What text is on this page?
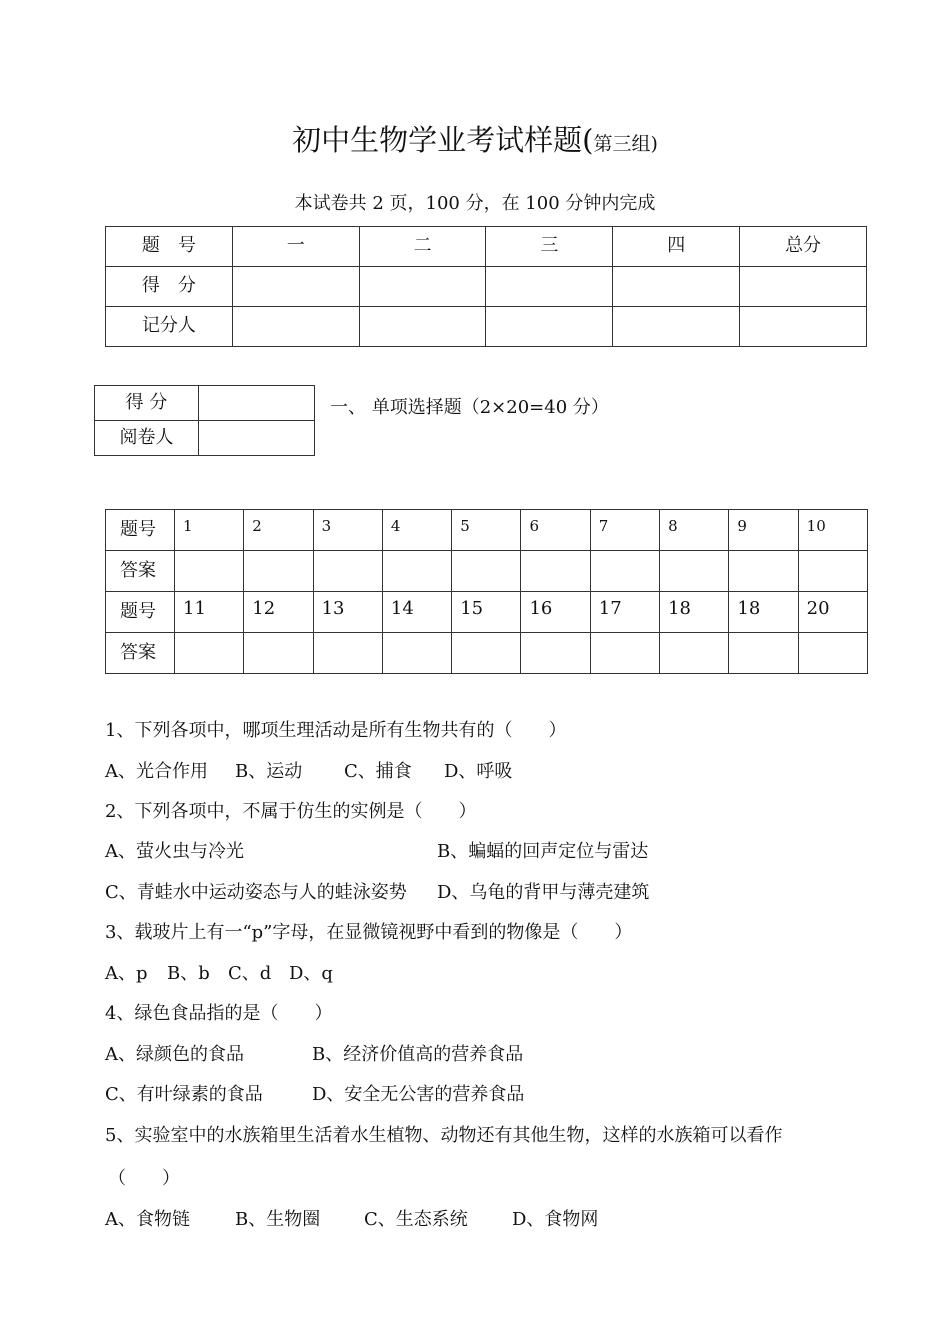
初中生物学业考试样题(第三组)
本试卷共 2 页，100 分，在 100 分钟内完成
题　号	一	二	三	四	总分
得　分					
记分人					
得 分	
阅卷人	
一、 单项选择题（2×20=40 分）
题号	1	2	3	4	5	6	7	8	9	10
答案										
题号	11	12	13	14	15	16	17	18	18	20
答案										
1、下列各项中，哪项生理活动是所有生物共有的（　　）
A、光合作用 B、运动 C、捕食 D、呼吸
2、下列各项中，不属于仿生的实例是（　　）
A、萤火虫与冷光	B、蝙蝠的回声定位与雷达
C、青蛙水中运动姿态与人的蛙泳姿势 D、乌龟的背甲与薄壳建筑
3、载玻片上有一“p”字母，在显微镜视野中看到的物像是（　　）
A、p B、b C、d D、q
4、绿色食品指的是（　　）
A、绿颜色的食品	B、经济价值高的营养食品
C、有叶绿素的食品	D、安全无公害的营养食品
5、实验室中的水族箱里生活着水生植物、动物还有其他生物，这样的水族箱可以看作
（　　）
A、食物链	B、生物圈 C、生态系统 D、食物网
